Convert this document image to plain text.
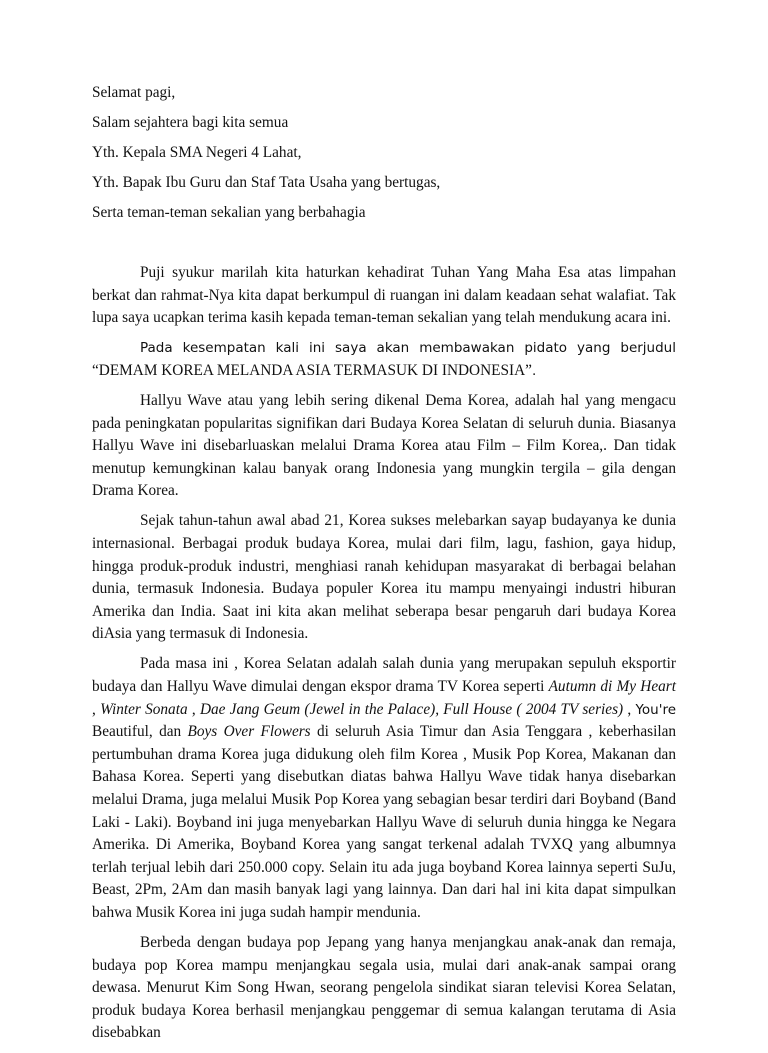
Selamat pagi,

Salam sejahtera bagi kita semua

Yth. Kepala SMA Negeri 4 Lahat,

Yth. Bapak Ibu Guru dan Staf Tata Usaha yang bertugas,

Serta teman-teman sekalian yang berbahagia

Puji syukur marilah kita haturkan kehadirat Tuhan Yang Maha Esa atas limpahan berkat dan rahmat-Nya kita dapat berkumpul di ruangan ini dalam keadaan sehat walafiat. Tak lupa saya ucapkan terima kasih kepada teman-teman sekalian yang telah mendukung acara ini.

Pada kesempatan kali ini saya akan membawakan pidato yang berjudul “DEMAM KOREA MELANDA ASIA TERMASUK DI INDONESIA”.

Hallyu Wave atau yang lebih sering dikenal Dema Korea, adalah hal yang mengacu pada peningkatan popularitas signifikan dari Budaya Korea Selatan di seluruh dunia. Biasanya Hallyu Wave ini disebarluaskan melalui Drama Korea atau Film – Film Korea,. Dan tidak menutup kemungkinan kalau banyak orang Indonesia yang mungkin tergila – gila dengan Drama Korea.

Sejak tahun-tahun awal abad 21, Korea sukses melebarkan sayap budayanya ke dunia internasional. Berbagai produk budaya Korea, mulai dari film, lagu, fashion, gaya hidup, hingga produk-produk industri, menghiasi ranah kehidupan masyarakat di berbagai belahan dunia, termasuk Indonesia. Budaya populer Korea itu mampu menyaingi industri hiburan Amerika dan India. Saat ini kita akan melihat seberapa besar pengaruh dari budaya Korea diAsia yang termasuk di Indonesia.

Pada masa ini , Korea Selatan adalah salah dunia yang merupakan sepuluh eksportir budaya dan Hallyu Wave dimulai dengan ekspor drama TV Korea seperti Autumn di My Heart , Winter Sonata , Dae Jang Geum (Jewel in the Palace), Full House ( 2004 TV series) , You're Beautiful, dan Boys Over Flowers di seluruh Asia Timur dan Asia Tenggara , keberhasilan pertumbuhan drama Korea juga didukung oleh film Korea , Musik Pop Korea, Makanan dan Bahasa Korea. Seperti yang disebutkan diatas bahwa Hallyu Wave tidak hanya disebarkan melalui Drama, juga melalui Musik Pop Korea yang sebagian besar terdiri dari Boyband (Band Laki - Laki). Boyband ini juga menyebarkan Hallyu Wave di seluruh dunia hingga ke Negara Amerika. Di Amerika, Boyband Korea yang sangat terkenal adalah TVXQ yang albumnya terlah terjual lebih dari 250.000 copy. Selain itu ada juga boyband Korea lainnya seperti SuJu, Beast, 2Pm, 2Am dan masih banyak lagi yang lainnya. Dan dari hal ini kita dapat simpulkan bahwa Musik Korea ini juga sudah hampir mendunia.

Berbeda dengan budaya pop Jepang yang hanya menjangkau anak-anak dan remaja, budaya pop Korea mampu menjangkau segala usia, mulai dari anak-anak sampai orang dewasa. Menurut Kim Song Hwan, seorang pengelola sindikat siaran televisi Korea Selatan, produk budaya Korea berhasil menjangkau penggemar di semua kalangan terutama di Asia disebabkan
